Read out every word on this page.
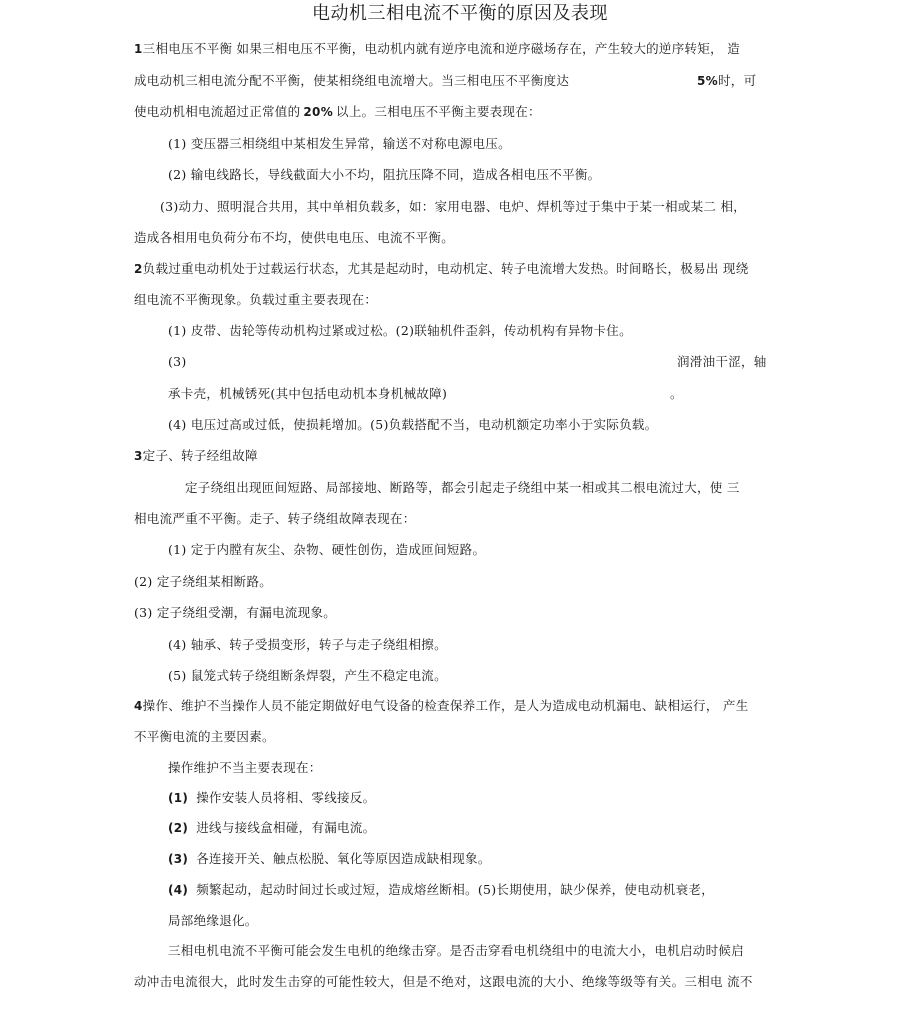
电动机三相电流不平衡的原因及表现
1三相电压不平衡 如果三相电压不平衡，电动机内就有逆序电流和逆序磁场存在，产生较大的逆序转矩， 造
成电动机三相电流分配不平衡，使某相绕组电流增大。当三相电压不平衡度达	5%时，可
使电动机相电流超过正常值的 20% 以上。三相电压不平衡主要表现在：
(1) 变压器三相绕组中某相发生异常，输送不对称电源电压。
(2) 输电线路长，导线截面大小不均，阻抗压降不同，造成各相电压不平衡。
(3)动力、照明混合共用，其中单相负载多，如：家用电器、电炉、焊机等过于集中于某一相或某二 相，
造成各相用电负荷分布不均，使供电电压、电流不平衡。
2负载过重电动机处于过载运行状态，尤其是起动时，电动机定、转子电流增大发热。时间略长，极易出 现绕
组电流不平衡现象。负载过重主要表现在：
(1) 皮带、齿轮等传动机构过紧或过松。(2)联轴机件歪斜，传动机构有异物卡住。
(3)	润滑油干涩，轴
承卡壳，机械锈死(其中包括电动机本身机械故障)	。
(4) 电压过高或过低，使损耗增加。(5)负载搭配不当，电动机额定功率小于实际负载。
3定子、转子经组故障
定子绕组出现匝间短路、局部接地、断路等，都会引起走子绕组中某一相或其二根电流过大，使 三
相电流严重不平衡。走子、转子绕组故障表现在：
(1) 定于内膛有灰尘、杂物、硬性创伤，造成匝间短路。
(2) 定子绕组某相断路。
(3) 定子绕组受潮，有漏电流现象。
(4) 轴承、转子受损变形，转子与走子绕组相擦。
(5) 鼠笼式转子绕组断条焊裂，产生不稳定电流。
4操作、维护不当操作人员不能定期做好电气设备的检查保养工作，是人为造成电动机漏电、缺相运行， 产生
不平衡电流的主要因素。
操作维护不当主要表现在：
(1) 操作安装人员将相、零线接反。
(2) 进线与接线盒相碰，有漏电流。
(3) 各连接开关、触点松脱、氧化等原因造成缺相现象。
(4) 频繁起动，起动时间过长或过短，造成熔丝断相。(5)长期使用，缺少保养，使电动机衰老，
局部绝缘退化。
三相电机电流不平衡可能会发生电机的绝缘击穿。是否击穿看电机绕组中的电流大小，电机启动时候启
动冲击电流很大，此时发生击穿的可能性较大，但是不绝对，这跟电流的大小、绝缘等级等有关。三相电 流不
